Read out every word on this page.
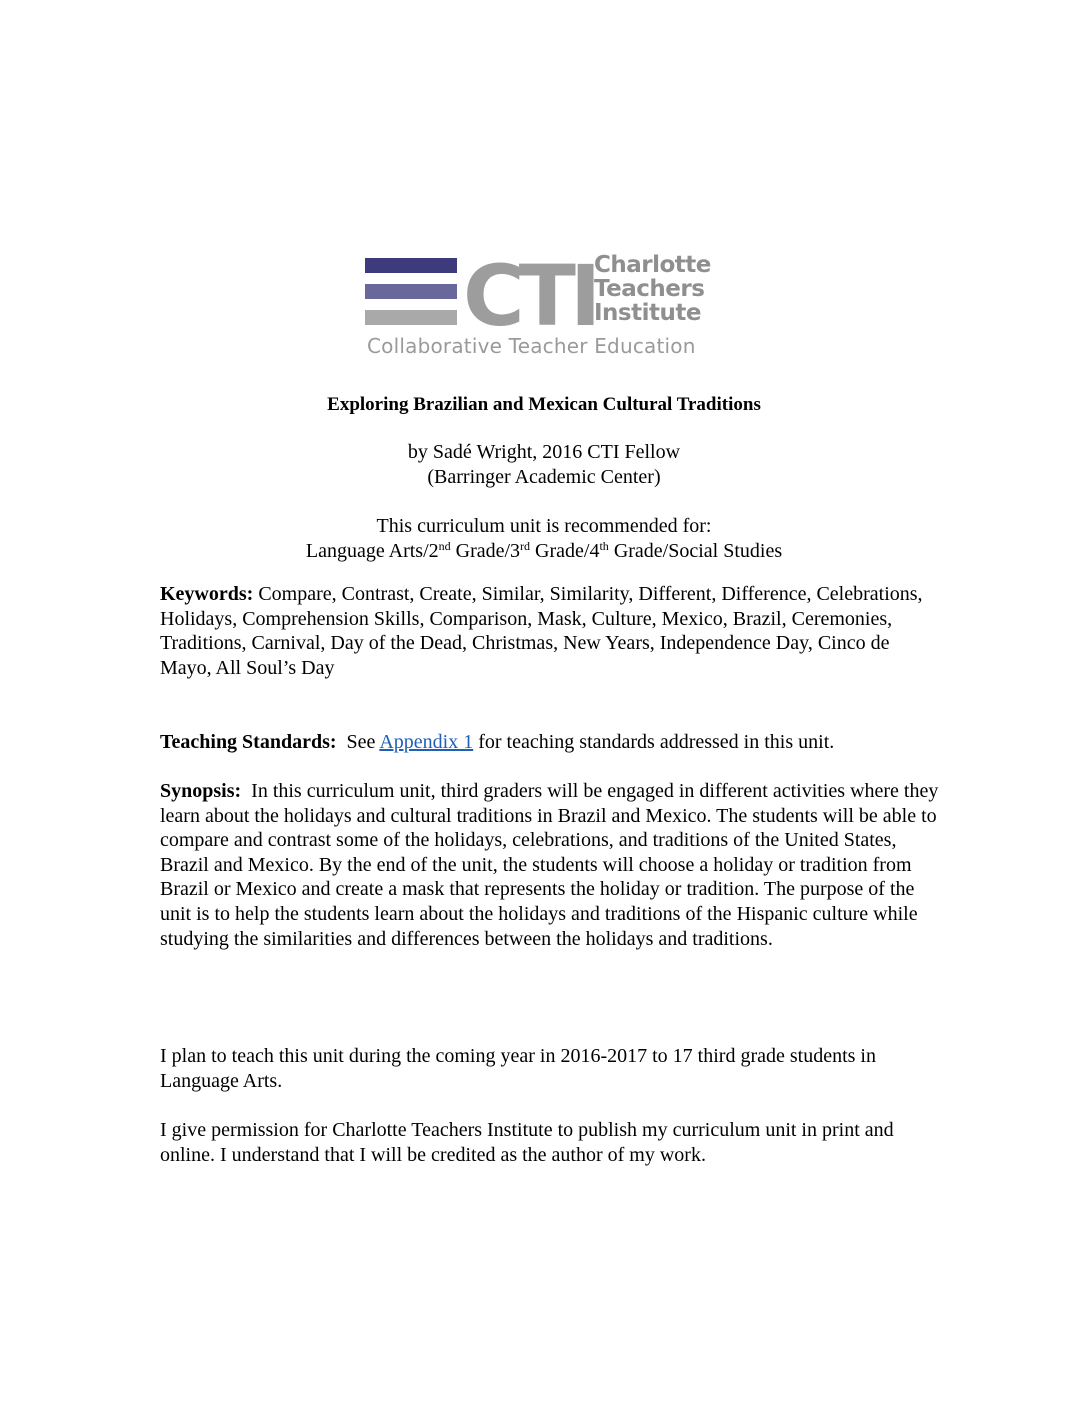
CTI
Charlotte
Teachers
Institute
Collaborative Teacher Education
Exploring Brazilian and Mexican Cultural Traditions
by Sadé Wright, 2016 CTI Fellow
(Barringer Academic Center)
This curriculum unit is recommended for:
Language Arts/2nd Grade/3rd Grade/4th Grade/Social Studies
Keywords: Compare, Contrast, Create, Similar, Similarity, Different, Difference, Celebrations, Holidays, Comprehension Skills, Comparison, Mask, Culture, Mexico, Brazil, Ceremonies, Traditions, Carnival, Day of the Dead, Christmas, New Years, Independence Day, Cinco de Mayo, All Soul’s Day
Teaching Standards:  See Appendix 1 for teaching standards addressed in this unit.
Synopsis:  In this curriculum unit, third graders will be engaged in different activities where they learn about the holidays and cultural traditions in Brazil and Mexico. The students will be able to compare and contrast some of the holidays, celebrations, and traditions of the United States, Brazil and Mexico. By the end of the unit, the students will choose a holiday or tradition from Brazil or Mexico and create a mask that represents the holiday or tradition. The purpose of the unit is to help the students learn about the holidays and traditions of the Hispanic culture while studying the similarities and differences between the holidays and traditions.
I plan to teach this unit during the coming year in 2016-2017 to 17 third grade students in Language Arts.
I give permission for Charlotte Teachers Institute to publish my curriculum unit in print and online. I understand that I will be credited as the author of my work.
